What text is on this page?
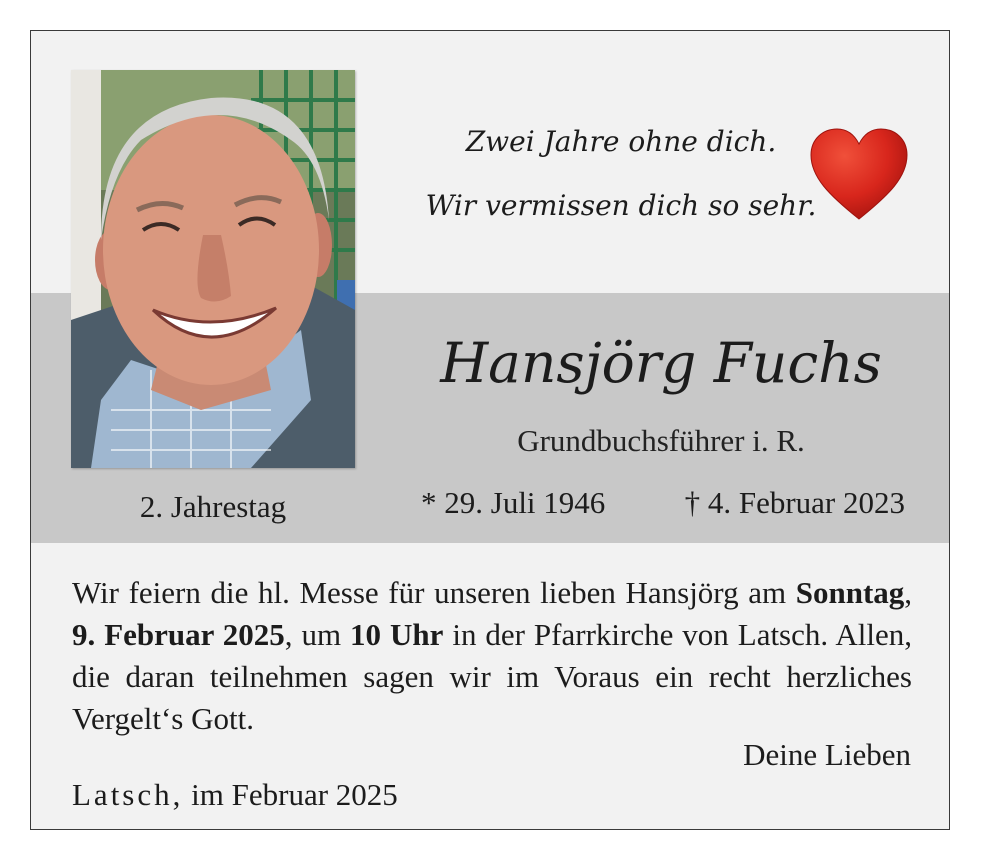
Zwei Jahre ohne dich.
Wir vermissen dich so sehr.
Hansjörg Fuchs
Grundbuchsführer i. R.
2. Jahrestag	* 29. Juli 1946	† 4. Februar 2023
Wir feiern die hl. Messe für unseren lieben Hansjörg am Sonntag, 9. Februar 2025, um 10 Uhr in der Pfarrkirche von Latsch. Allen, die daran teilnehmen sagen wir im Voraus ein recht herzliches Vergelt‘s Gott.
Deine Lieben
Latsch, im Februar 2025
